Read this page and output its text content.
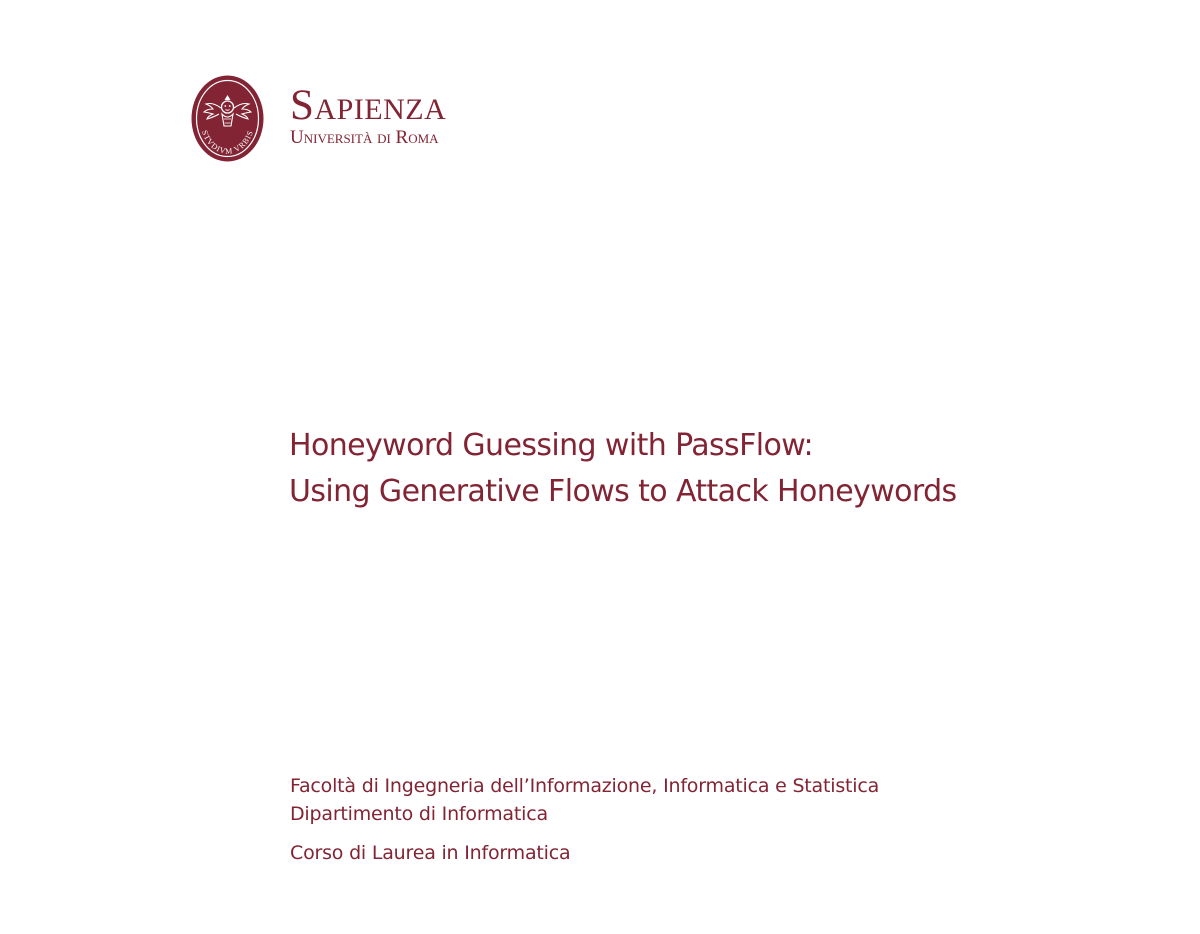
STVDIVM VRBIS
Sapienza
Università di Roma
Honeyword Guessing with PassFlow:
Using Generative Flows to Attack Honeywords
Facoltà di Ingegneria dell’Informazione, Informatica e Statistica
Dipartimento di Informatica
Corso di Laurea in Informatica
